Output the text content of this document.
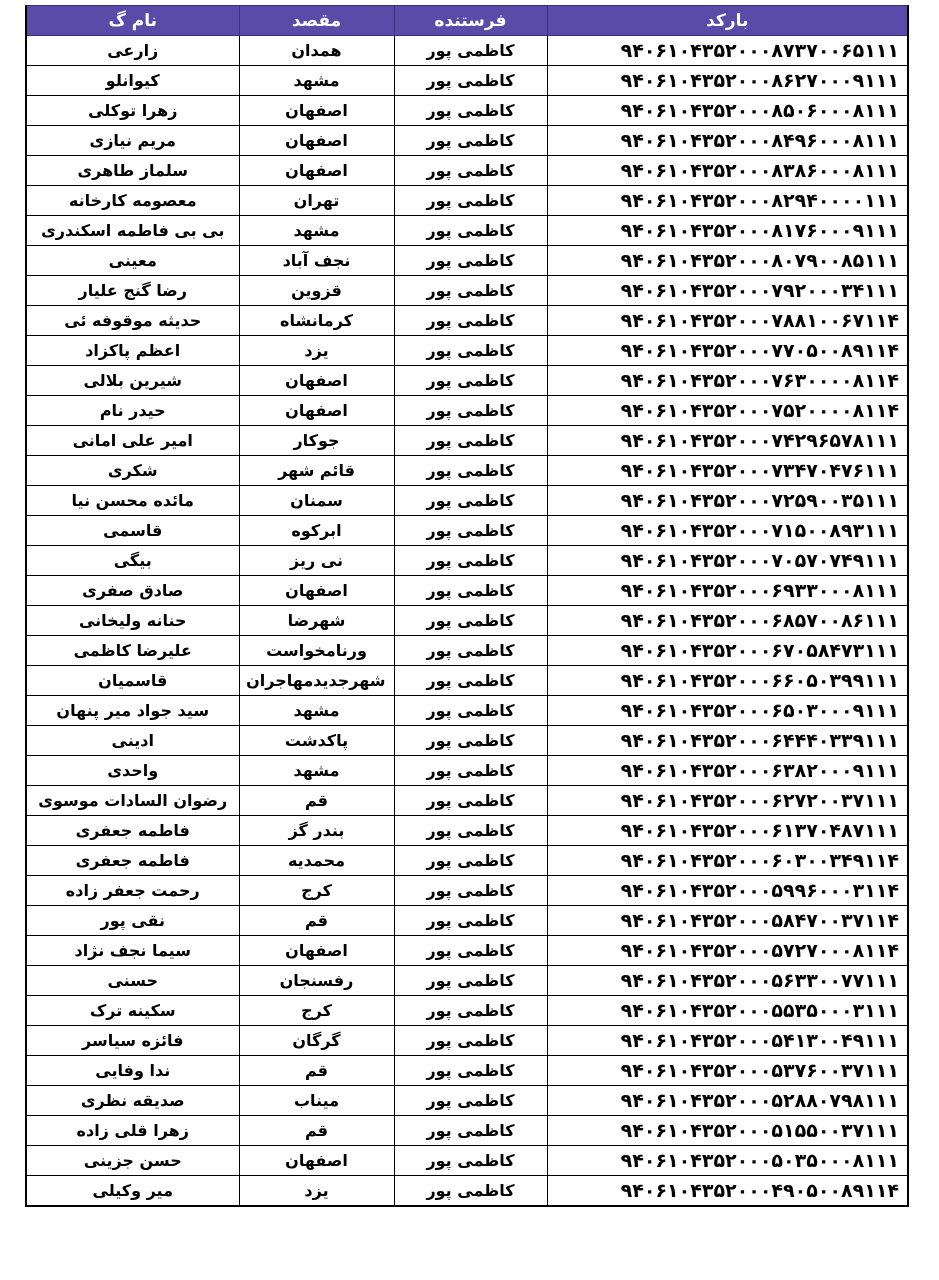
نام گ	مقصد	فرستنده	بارکد
زارعی	همدان	کاظمی پور	۹۴۰۶۱۰۴۳۵۲۰۰۰۸۷۳۷۰۰۶۵۱۱۱
کیوانلو	مشهد	کاظمی پور	۹۴۰۶۱۰۴۳۵۲۰۰۰۸۶۲۷۰۰۰۹۱۱۱
زهرا توکلی	اصفهان	کاظمی پور	۹۴۰۶۱۰۴۳۵۲۰۰۰۸۵۰۶۰۰۰۸۱۱۱
مریم نیازی	اصفهان	کاظمی پور	۹۴۰۶۱۰۴۳۵۲۰۰۰۸۴۹۶۰۰۰۸۱۱۱
سلماز طاهری	اصفهان	کاظمی پور	۹۴۰۶۱۰۴۳۵۲۰۰۰۸۳۸۶۰۰۰۸۱۱۱
معصومه کارخانه	تهران	کاظمی پور	۹۴۰۶۱۰۴۳۵۲۰۰۰۸۲۹۴۰۰۰۰۱۱۱
بی بی فاطمه اسکندری	مشهد	کاظمی پور	۹۴۰۶۱۰۴۳۵۲۰۰۰۸۱۷۶۰۰۰۹۱۱۱
معینی	نجف آباد	کاظمی پور	۹۴۰۶۱۰۴۳۵۲۰۰۰۸۰۷۹۰۰۸۵۱۱۱
رضا گنج علیار	قزوین	کاظمی پور	۹۴۰۶۱۰۴۳۵۲۰۰۰۷۹۲۰۰۰۳۴۱۱۱
حدیثه موقوفه ئی	کرمانشاه	کاظمی پور	۹۴۰۶۱۰۴۳۵۲۰۰۰۷۸۸۱۰۰۶۷۱۱۴
اعظم پاکزاد	یزد	کاظمی پور	۹۴۰۶۱۰۴۳۵۲۰۰۰۷۷۰۵۰۰۸۹۱۱۴
شیرین بلالی	اصفهان	کاظمی پور	۹۴۰۶۱۰۴۳۵۲۰۰۰۷۶۳۰۰۰۰۸۱۱۴
حیدر نام	اصفهان	کاظمی پور	۹۴۰۶۱۰۴۳۵۲۰۰۰۷۵۲۰۰۰۰۸۱۱۴
امیر علی امانی	جوکار	کاظمی پور	۹۴۰۶۱۰۴۳۵۲۰۰۰۷۴۲۹۶۵۷۸۱۱۱
شکری	قائم شهر	کاظمی پور	۹۴۰۶۱۰۴۳۵۲۰۰۰۷۳۴۷۰۴۷۶۱۱۱
مائده محسن نیا	سمنان	کاظمی پور	۹۴۰۶۱۰۴۳۵۲۰۰۰۷۲۵۹۰۰۳۵۱۱۱
قاسمی	ابرکوه	کاظمی پور	۹۴۰۶۱۰۴۳۵۲۰۰۰۷۱۵۰۰۸۹۳۱۱۱
بیگی	نی ریز	کاظمی پور	۹۴۰۶۱۰۴۳۵۲۰۰۰۷۰۵۷۰۷۴۹۱۱۱
صادق صفری	اصفهان	کاظمی پور	۹۴۰۶۱۰۴۳۵۲۰۰۰۶۹۳۳۰۰۰۸۱۱۱
حنانه ولیخانی	شهرضا	کاظمی پور	۹۴۰۶۱۰۴۳۵۲۰۰۰۶۸۵۷۰۰۸۶۱۱۱
علیرضا کاظمی	ورنامخواست	کاظمی پور	۹۴۰۶۱۰۴۳۵۲۰۰۰۶۷۰۵۸۴۷۳۱۱۱
قاسمیان	شهرجدیدمهاجران	کاظمی پور	۹۴۰۶۱۰۴۳۵۲۰۰۰۶۶۰۵۰۳۹۹۱۱۱
سید جواد میر پنهان	مشهد	کاظمی پور	۹۴۰۶۱۰۴۳۵۲۰۰۰۶۵۰۳۰۰۰۹۱۱۱
ادینی	پاکدشت	کاظمی پور	۹۴۰۶۱۰۴۳۵۲۰۰۰۶۴۴۴۰۳۳۹۱۱۱
واحدی	مشهد	کاظمی پور	۹۴۰۶۱۰۴۳۵۲۰۰۰۶۳۸۲۰۰۰۹۱۱۱
رضوان السادات موسوی	قم	کاظمی پور	۹۴۰۶۱۰۴۳۵۲۰۰۰۶۲۷۲۰۰۳۷۱۱۱
فاطمه جعفری	بندر گز	کاظمی پور	۹۴۰۶۱۰۴۳۵۲۰۰۰۶۱۳۷۰۴۸۷۱۱۱
فاطمه جعفری	محمدیه	کاظمی پور	۹۴۰۶۱۰۴۳۵۲۰۰۰۶۰۳۰۰۳۴۹۱۱۴
رحمت جعفر زاده	کرج	کاظمی پور	۹۴۰۶۱۰۴۳۵۲۰۰۰۵۹۹۶۰۰۰۳۱۱۴
نقی پور	قم	کاظمی پور	۹۴۰۶۱۰۴۳۵۲۰۰۰۵۸۴۷۰۰۳۷۱۱۴
سیما نجف نژاد	اصفهان	کاظمی پور	۹۴۰۶۱۰۴۳۵۲۰۰۰۵۷۲۷۰۰۰۸۱۱۴
حسنی	رفسنجان	کاظمی پور	۹۴۰۶۱۰۴۳۵۲۰۰۰۵۶۳۳۰۰۷۷۱۱۱
سکینه ترک	کرج	کاظمی پور	۹۴۰۶۱۰۴۳۵۲۰۰۰۵۵۳۵۰۰۰۳۱۱۱
فائزه سیاسر	گرگان	کاظمی پور	۹۴۰۶۱۰۴۳۵۲۰۰۰۵۴۱۳۰۰۴۹۱۱۱
ندا وفایی	قم	کاظمی پور	۹۴۰۶۱۰۴۳۵۲۰۰۰۵۳۷۶۰۰۳۷۱۱۱
صدیقه نظری	میناب	کاظمی پور	۹۴۰۶۱۰۴۳۵۲۰۰۰۵۲۸۸۰۷۹۸۱۱۱
زهرا قلی زاده	قم	کاظمی پور	۹۴۰۶۱۰۴۳۵۲۰۰۰۵۱۵۵۰۰۳۷۱۱۱
حسن جزینی	اصفهان	کاظمی پور	۹۴۰۶۱۰۴۳۵۲۰۰۰۵۰۳۵۰۰۰۸۱۱۱
میر وکیلی	یزد	کاظمی پور	۹۴۰۶۱۰۴۳۵۲۰۰۰۴۹۰۵۰۰۸۹۱۱۴
